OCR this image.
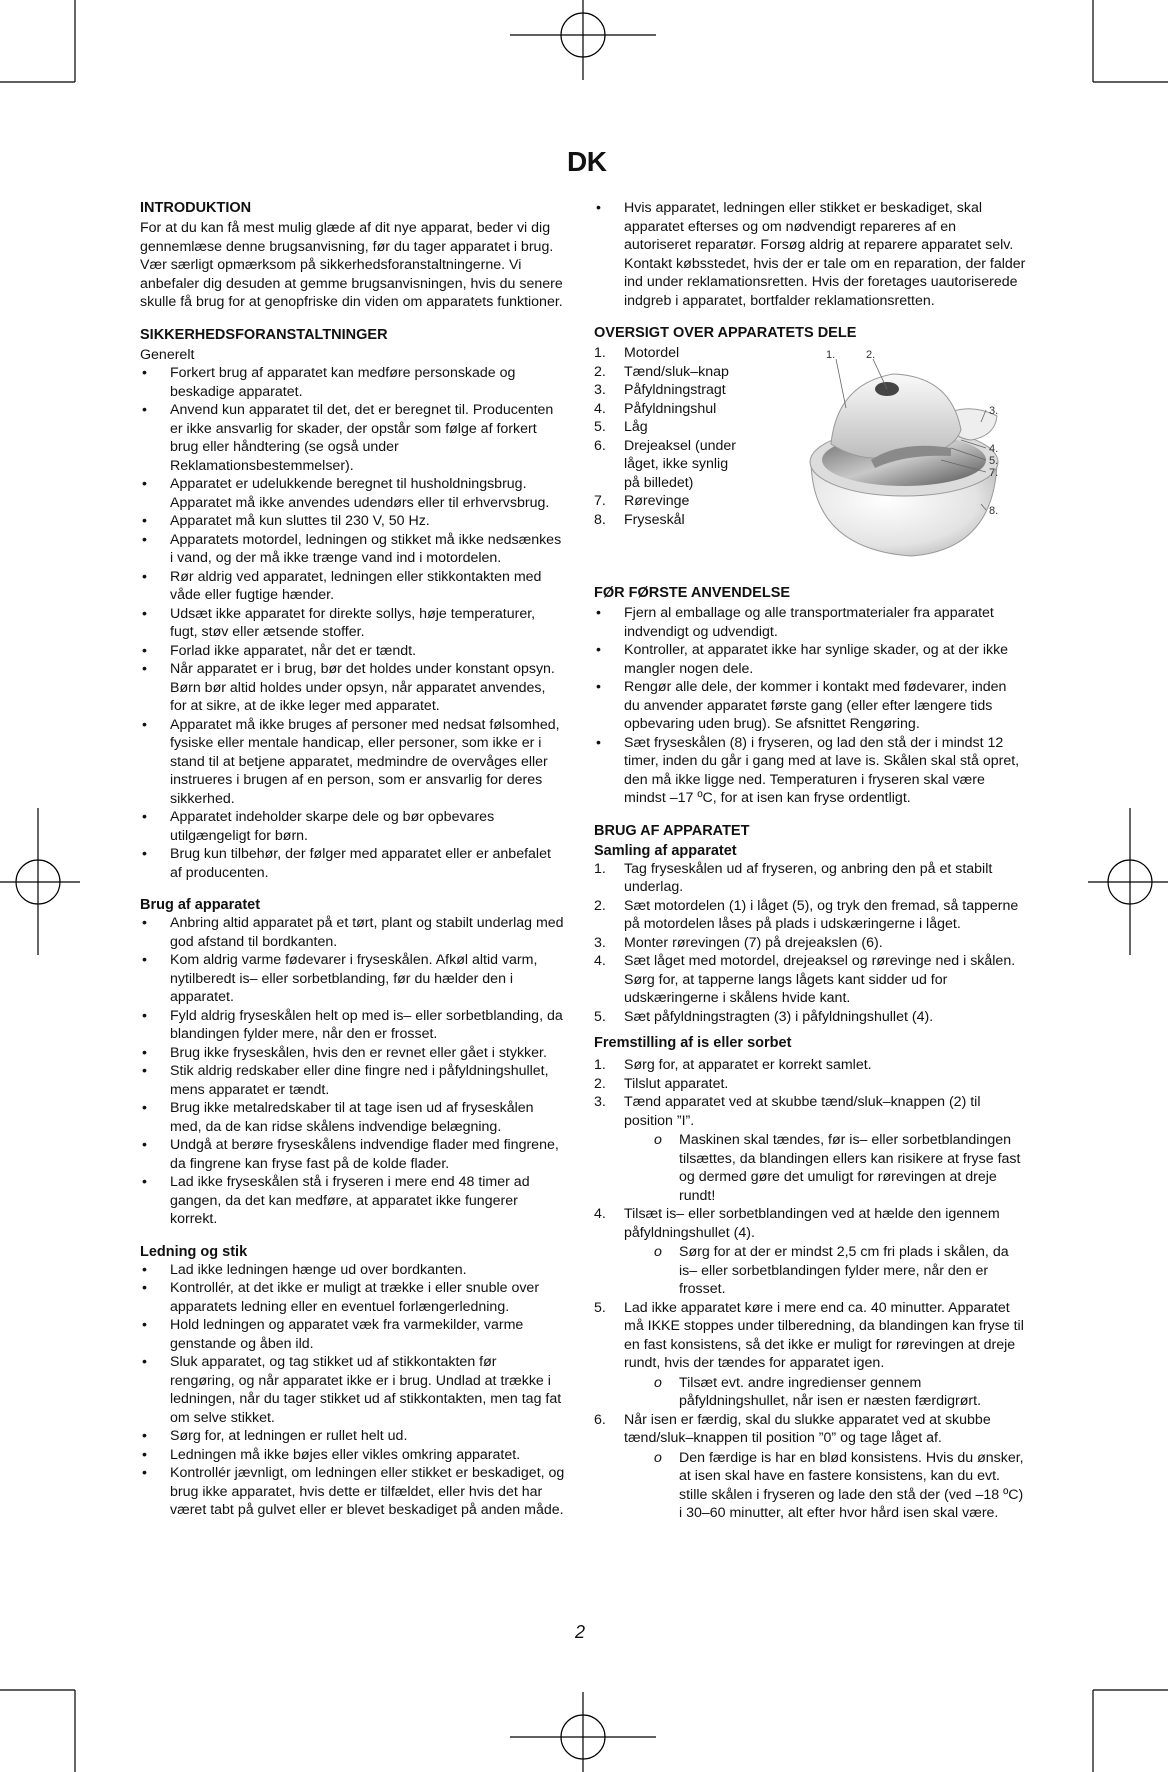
DK
INTRODUKTION

For at du kan få mest mulig glæde af dit nye apparat, beder vi dig gennemlæse denne brugsanvisning, før du tager apparatet i brug. Vær særligt opmærksom på sikkerhedsforanstaltningerne. Vi anbefaler dig desuden at gemme brugsanvisningen, hvis du senere skulle få brug for at genopfriske din viden om apparatets funktioner.

SIKKERHEDSFORANSTALTNINGER

Generelt

• Forkert brug af apparatet kan medføre personskade og beskadige apparatet.
• Anvend kun apparatet til det, det er beregnet til. Producenten er ikke ansvarlig for skader, der opstår som følge af forkert brug eller håndtering (se også under Reklamationsbestemmelser).
• Apparatet er udelukkende beregnet til husholdningsbrug. Apparatet må ikke anvendes udendørs eller til erhvervsbrug.
• Apparatet må kun sluttes til 230 V, 50 Hz.
• Apparatets motordel, ledningen og stikket må ikke nedsænkes i vand, og der må ikke trænge vand ind i motordelen.
• Rør aldrig ved apparatet, ledningen eller stikkontakten med våde eller fugtige hænder.
• Udsæt ikke apparatet for direkte sollys, høje temperaturer, fugt, støv eller ætsende stoffer.
• Forlad ikke apparatet, når det er tændt.
• Når apparatet er i brug, bør det holdes under konstant opsyn. Børn bør altid holdes under opsyn, når apparatet anvendes, for at sikre, at de ikke leger med apparatet.
• Apparatet må ikke bruges af personer med nedsat følsomhed, fysiske eller mentale handicap, eller personer, som ikke er i stand til at betjene apparatet, medmindre de overvåges eller instrueres i brugen af en person, som er ansvarlig for deres sikkerhed.
• Apparatet indeholder skarpe dele og bør opbevares utilgængeligt for børn.
• Brug kun tilbehør, der følger med apparatet eller er anbefalet af producenten.
Brug af apparatet
• Anbring altid apparatet på et tørt, plant og stabilt underlag med god afstand til bordkanten.
• Kom aldrig varme fødevarer i fryseskålen. Afkøl altid varm, nytilberedt is– eller sorbetblanding, før du hælder den i apparatet.
• Fyld aldrig fryseskålen helt op med is– eller sorbetblanding, da blandingen fylder mere, når den er frosset.
• Brug ikke fryseskålen, hvis den er revnet eller gået i stykker.
• Stik aldrig redskaber eller dine fingre ned i påfyldningshullet, mens apparatet er tændt.
• Brug ikke metalredskaber til at tage isen ud af fryseskålen med, da de kan ridse skålens indvendige belægning.
• Undgå at berøre fryseskålens indvendige flader med fingrene, da fingrene kan fryse fast på de kolde flader.
• Lad ikke fryseskålen stå i fryseren i mere end 48 timer ad gangen, da det kan medføre, at apparatet ikke fungerer korrekt.
Ledning og stik
• Lad ikke ledningen hænge ud over bordkanten.
• Kontrollér, at det ikke er muligt at trække i eller snuble over apparatets ledning eller en eventuel forlængerledning.
• Hold ledningen og apparatet væk fra varmekilder, varme genstande og åben ild.
• Sluk apparatet, og tag stikket ud af stikkontakten før rengøring, og når apparatet ikke er i brug. Undlad at trække i ledningen, når du tager stikket ud af stikkontakten, men tag fat om selve stikket.
• Sørg for, at ledningen er rullet helt ud.
• Ledningen må ikke bøjes eller vikles omkring apparatet.
• Kontrollér jævnligt, om ledningen eller stikket er beskadiget, og brug ikke apparatet, hvis dette er tilfældet, eller hvis det har været tabt på gulvet eller er blevet beskadiget på anden måde.
• Hvis apparatet, ledningen eller stikket er beskadiget, skal apparatet efterses og om nødvendigt repareres af en autoriseret reparatør. Forsøg aldrig at reparere apparatet selv. Kontakt købsstedet, hvis der er tale om en reparation, der falder ind under reklamationsretten. Hvis der foretages uautoriserede indgreb i apparatet, bortfalder reklamationsretten.
OVERSIGT OVER APPARATETS DELE
1. Motordel
2. Tænd/sluk–knap
3. Påfyldningstragt
4. Påfyldningshul
5. Låg
6. Drejeaksel (under låget, ikke synlig på billedet)
7. Rørevinge
8. Fryseskål
1.	2.
3.
4.
5.
7.
8.
FØR FØRSTE ANVENDELSE
• Fjern al emballage og alle transportmaterialer fra apparatet indvendigt og udvendigt.
• Kontroller, at apparatet ikke har synlige skader, og at der ikke mangler nogen dele.
• Rengør alle dele, der kommer i kontakt med fødevarer, inden du anvender apparatet første gang (eller efter længere tids opbevaring uden brug). Se afsnittet Rengøring.
• Sæt fryseskålen (8) i fryseren, og lad den stå der i mindst 12 timer, inden du går i gang med at lave is. Skålen skal stå opret, den må ikke ligge ned. Temperaturen i fryseren skal være mindst –17 ºC, for at isen kan fryse ordentligt.
BRUG AF APPARATET
Samling af apparatet
1. Tag fryseskålen ud af fryseren, og anbring den på et stabilt underlag.
2. Sæt motordelen (1) i låget (5), og tryk den fremad, så tapperne på motordelen låses på plads i udskæringerne i låget.
3. Monter rørevingen (7) på drejeakslen (6).
4. Sæt låget med motordel, drejeaksel og rørevinge ned i skålen. Sørg for, at tapperne langs lågets kant sidder ud for udskæringerne i skålens hvide kant.
5. Sæt påfyldningstragten (3) i påfyldningshullet (4).
Fremstilling af is eller sorbet
1. Sørg for, at apparatet er korrekt samlet.
2. Tilslut apparatet.
3. Tænd apparatet ved at skubbe tænd/sluk–knappen (2) til position ”I”.
o Maskinen skal tændes, før is– eller sorbetblandingen tilsættes, da blandingen ellers kan risikere at fryse fast og dermed gøre det umuligt for rørevingen at dreje rundt!
4. Tilsæt is– eller sorbetblandingen ved at hælde den igennem påfyldningshullet (4).
o Sørg for at der er mindst 2,5 cm fri plads i skålen, da is– eller sorbetblandingen fylder mere, når den er frosset.
5. Lad ikke apparatet køre i mere end ca. 40 minutter. Apparatet må IKKE stoppes under tilberedning, da blandingen kan fryse til en fast konsistens, så det ikke er muligt for rørevingen at dreje rundt, hvis der tændes for apparatet igen.
o Tilsæt evt. andre ingredienser gennem påfyldningshullet, når isen er næsten færdigrørt.
6. Når isen er færdig, skal du slukke apparatet ved at skubbe tænd/sluk–knappen til position ”0” og tage låget af.
o Den færdige is har en blød konsistens. Hvis du ønsker, at isen skal have en fastere konsistens, kan du evt. stille skålen i fryseren og lade den stå der (ved –18 ºC) i 30–60 minutter, alt efter hvor hård isen skal være.
2
